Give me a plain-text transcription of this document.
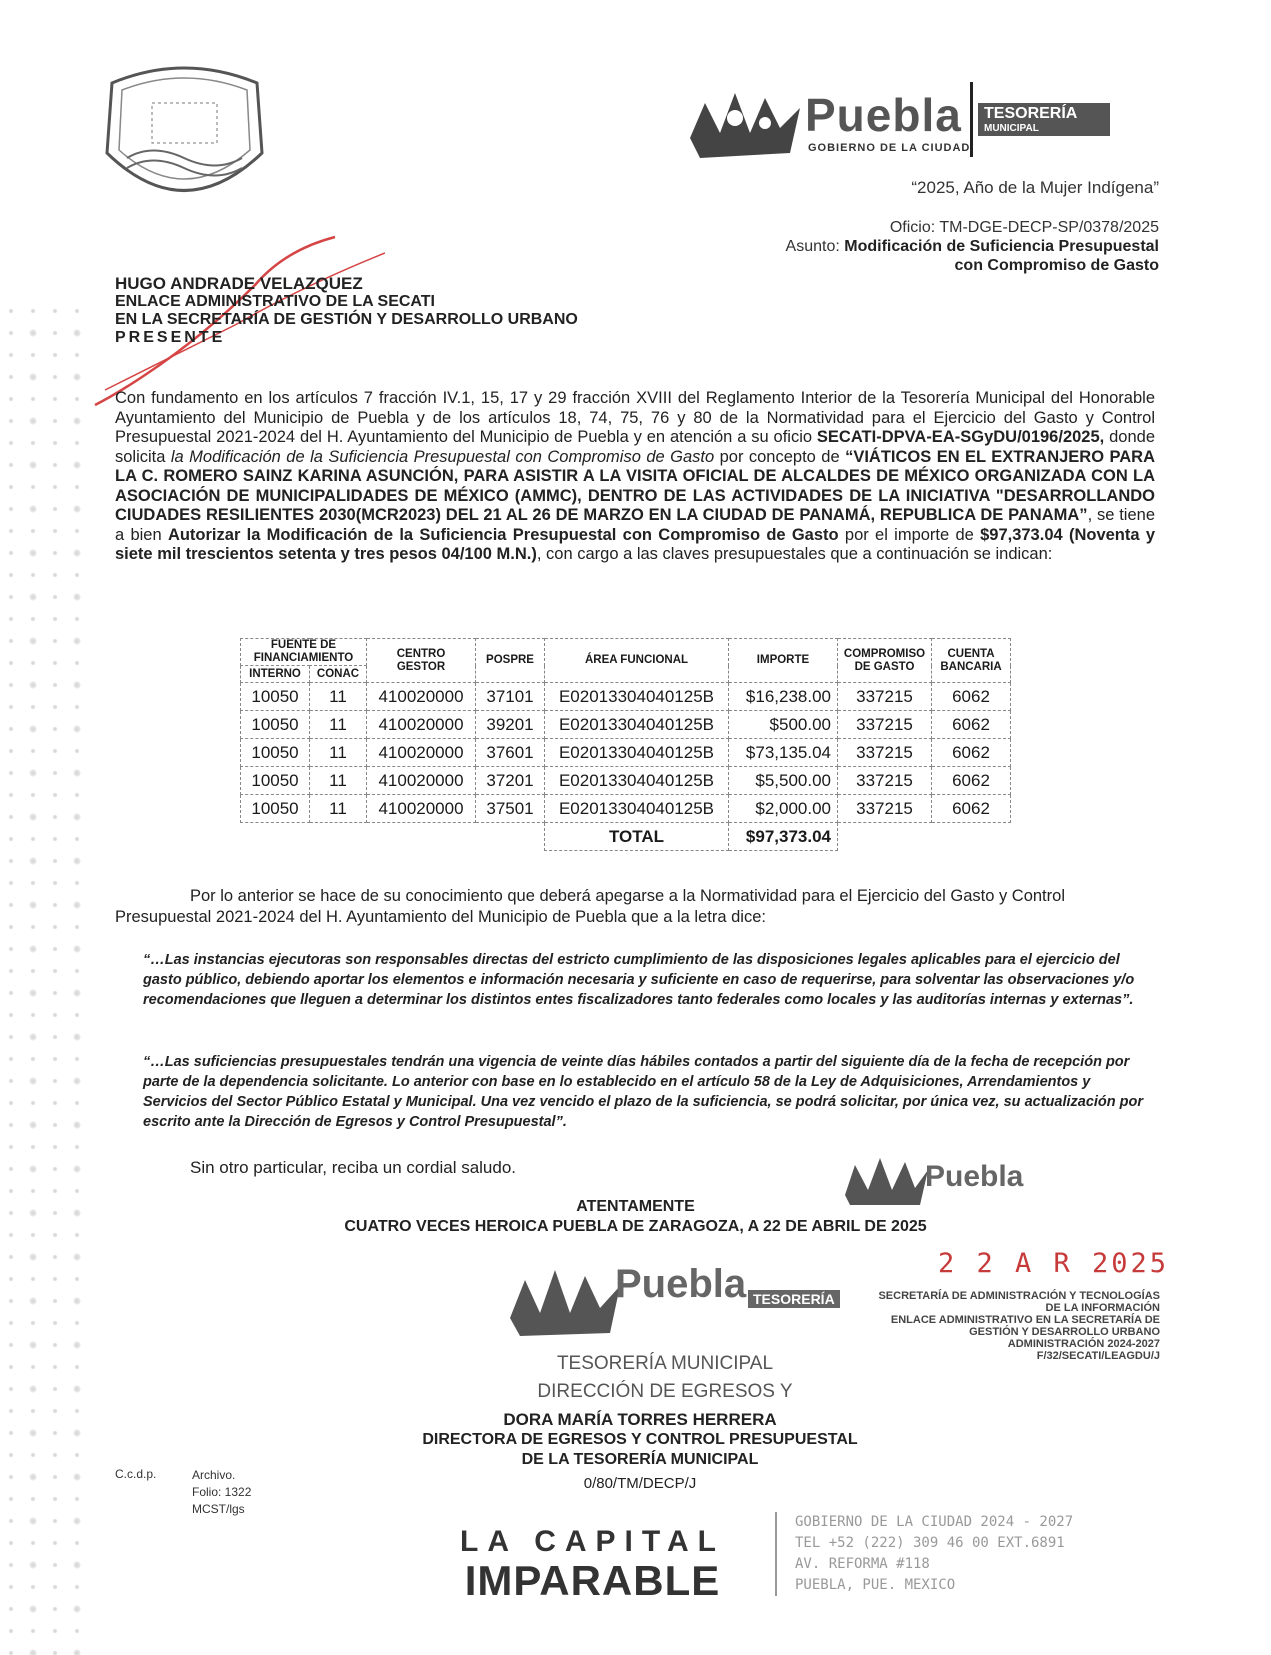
Puebla
GOBIERNO DE LA CIUDAD
TESORERÍA
MUNICIPAL
“2025, Año de la Mujer Indígena”
Oficio: TM-DGE-DECP-SP/0378/2025
Asunto: Modificación de Suficiencia Presupuestal
con Compromiso de Gasto
HUGO ANDRADE VELAZQUEZ
ENLACE ADMINISTRATIVO DE LA SECATI
EN LA SECRETARÍA DE GESTIÓN Y DESARROLLO URBANO
PRESENTE
Con fundamento en los artículos 7 fracción IV.1, 15, 17 y 29 fracción XVIII del Reglamento Interior de la Tesorería Municipal del Honorable Ayuntamiento del Municipio de Puebla y de los artículos 18, 74, 75, 76 y 80 de la Normatividad para el Ejercicio del Gasto y Control Presupuestal 2021-2024 del H. Ayuntamiento del Municipio de Puebla y en atención a su oficio SECATI-DPVA-EA-SGyDU/0196/2025, donde solicita la Modificación de la Suficiencia Presupuestal con Compromiso de Gasto por concepto de “VIÁTICOS EN EL EXTRANJERO PARA LA C. ROMERO SAINZ KARINA ASUNCIÓN, PARA ASISTIR A LA VISITA OFICIAL DE ALCALDES DE MÉXICO ORGANIZADA CON LA ASOCIACIÓN DE MUNICIPALIDADES DE MÉXICO (AMMC), DENTRO DE LAS ACTIVIDADES DE LA INICIATIVA "DESARROLLANDO CIUDADES RESILIENTES 2030(MCR2023) DEL 21 AL 26 DE MARZO EN LA CIUDAD DE PANAMÁ, REPUBLICA DE PANAMA”, se tiene a bien Autorizar la Modificación de la Suficiencia Presupuestal con Compromiso de Gasto por el importe de $97,373.04 (Noventa y siete mil trescientos setenta y tres pesos 04/100 M.N.), con cargo a las claves presupuestales que a continuación se indican:
FUENTE DE FINANCIAMIENTO		CENTRO GESTOR	POSPRE	ÁREA FUNCIONAL	IMPORTE	COMPROMISO DE GASTO	CUENTA BANCARIA
INTERNO	CONAC						
10050	11	410020000	37101	E02013304040125B	$16,238.00	337215	6062
10050	11	410020000	39201	E02013304040125B	$500.00	337215	6062
10050	11	410020000	37601	E02013304040125B	$73,135.04	337215	6062
10050	11	410020000	37201	E02013304040125B	$5,500.00	337215	6062
10050	11	410020000	37501	E02013304040125B	$2,000.00	337215	6062
				TOTAL	$97,373.04		
Por lo anterior se hace de su conocimiento que deberá apegarse a la Normatividad para el Ejercicio del Gasto y Control Presupuestal 2021-2024 del H. Ayuntamiento del Municipio de Puebla que a la letra dice:
“…Las instancias ejecutoras son responsables directas del estricto cumplimiento de las disposiciones legales aplicables para el ejercicio del gasto público, debiendo aportar los elementos e información necesaria y suficiente en caso de requerirse, para solventar las observaciones y/o recomendaciones que lleguen a determinar los distintos entes fiscalizadores tanto federales como locales y las auditorías internas y externas”.
“…Las suficiencias presupuestales tendrán una vigencia de veinte días hábiles contados a partir del siguiente día de la fecha de recepción por parte de la dependencia solicitante. Lo anterior con base en lo establecido en el artículo 58 de la Ley de Adquisiciones, Arrendamientos y Servicios del Sector Público Estatal y Municipal. Una vez vencido el plazo de la suficiencia, se podrá solicitar, por única vez, su actualización por escrito ante la Dirección de Egresos y Control Presupuestal”.
Sin otro particular, reciba un cordial saludo.	Puebla
ATENTAMENTE
CUATRO VECES HEROICA PUEBLA DE ZARAGOZA, A 22 DE ABRIL DE 2025
2 2 A R 2025
Puebla TESORERÍA	SECRETARÍA DE ADMINISTRACIÓN Y TECNOLOGÍAS
DE LA INFORMACIÓN
ENLACE ADMINISTRATIVO EN LA SECRETARÍA DE
GESTIÓN Y DESARROLLO URBANO
ADMINISTRACIÓN 2024-2027
F/32/SECATI/LEAGDU/J
TESORERÍA MUNICIPAL
DIRECCIÓN DE EGRESOS Y
DORA MARÍA TORRES HERRERA
DIRECTORA DE EGRESOS Y CONTROL PRESUPUESTAL
DE LA TESORERÍA MUNICIPAL
0/80/TM/DECP/J
C.c.d.p.	Archivo.
Folio: 1322
MCST/lgs
LA CAPITAL
IMPARABLE
GOBIERNO DE LA CIUDAD 2024 - 2027
TEL +52 (222) 309 46 00 EXT.6891
AV. REFORMA #118
PUEBLA, PUE. MEXICO
